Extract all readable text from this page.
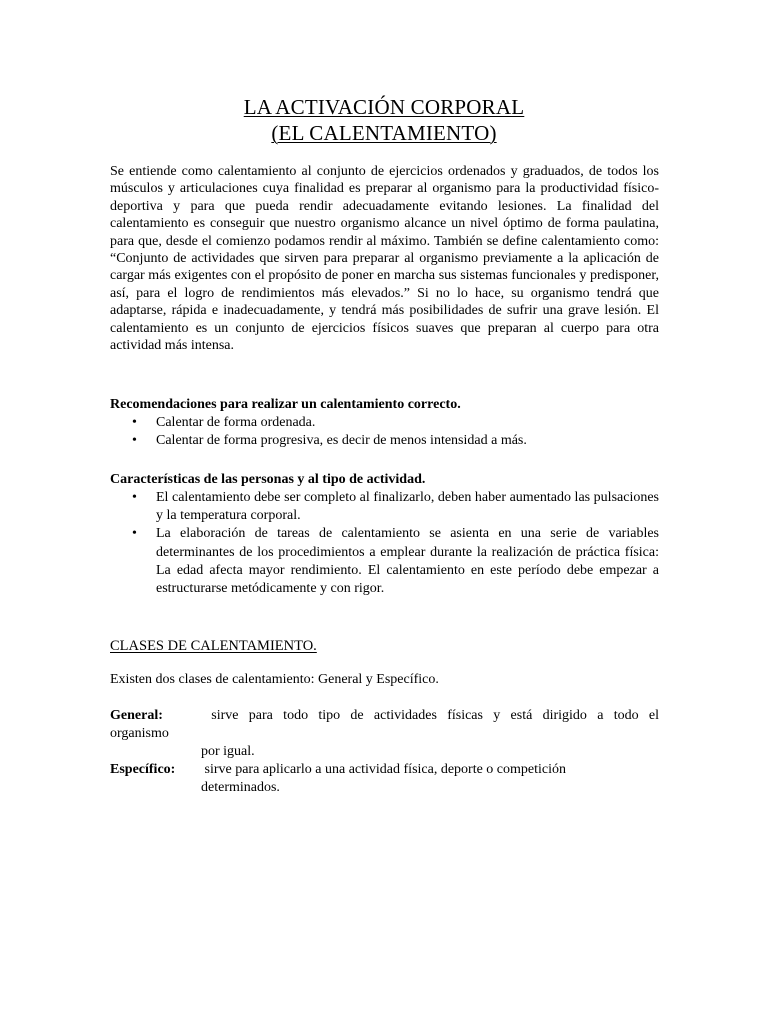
LA ACTIVACIÓN CORPORAL
(EL CALENTAMIENTO)

Se entiende como calentamiento al conjunto de ejercicios ordenados y graduados, de todos los músculos y articulaciones cuya finalidad es preparar al organismo para la productividad físico-deportiva y para que pueda rendir adecuadamente evitando lesiones. La finalidad del calentamiento es conseguir que nuestro organismo alcance un nivel óptimo de forma paulatina, para que, desde el comienzo podamos rendir al máximo. También se define calentamiento como: “Conjunto de actividades que sirven para preparar al organismo previamente a la aplicación de cargar más exigentes con el propósito de poner en marcha sus sistemas funcionales y predisponer, así, para el logro de rendimientos más elevados.” Si no lo hace, su organismo tendrá que adaptarse, rápida e inadecuadamente, y tendrá más posibilidades de sufrir una grave lesión. El calentamiento es un conjunto de ejercicios físicos suaves que preparan al cuerpo para otra actividad más intensa.

Recomendaciones para realizar un calentamiento correcto.

• Calentar de forma ordenada.
• Calentar de forma progresiva, es decir de menos intensidad a más.

Características de las personas y al tipo de actividad.

• El calentamiento debe ser completo al finalizarlo, deben haber aumentado las pulsaciones y la temperatura corporal.
• La elaboración de tareas de calentamiento se asienta en una serie de variables determinantes de los procedimientos a emplear durante la realización de práctica física: La edad afecta mayor rendimiento. El calentamiento en este período debe empezar a estructurarse metódicamente y con rigor.

CLASES DE CALENTAMIENTO.

Existen dos clases de calentamiento: General y Específico.

General:	sirve para todo tipo de actividades físicas y está dirigido a todo el

organismo

por igual.

Específico: sirve para aplicarlo a una actividad física, deporte o competición

determinados.
